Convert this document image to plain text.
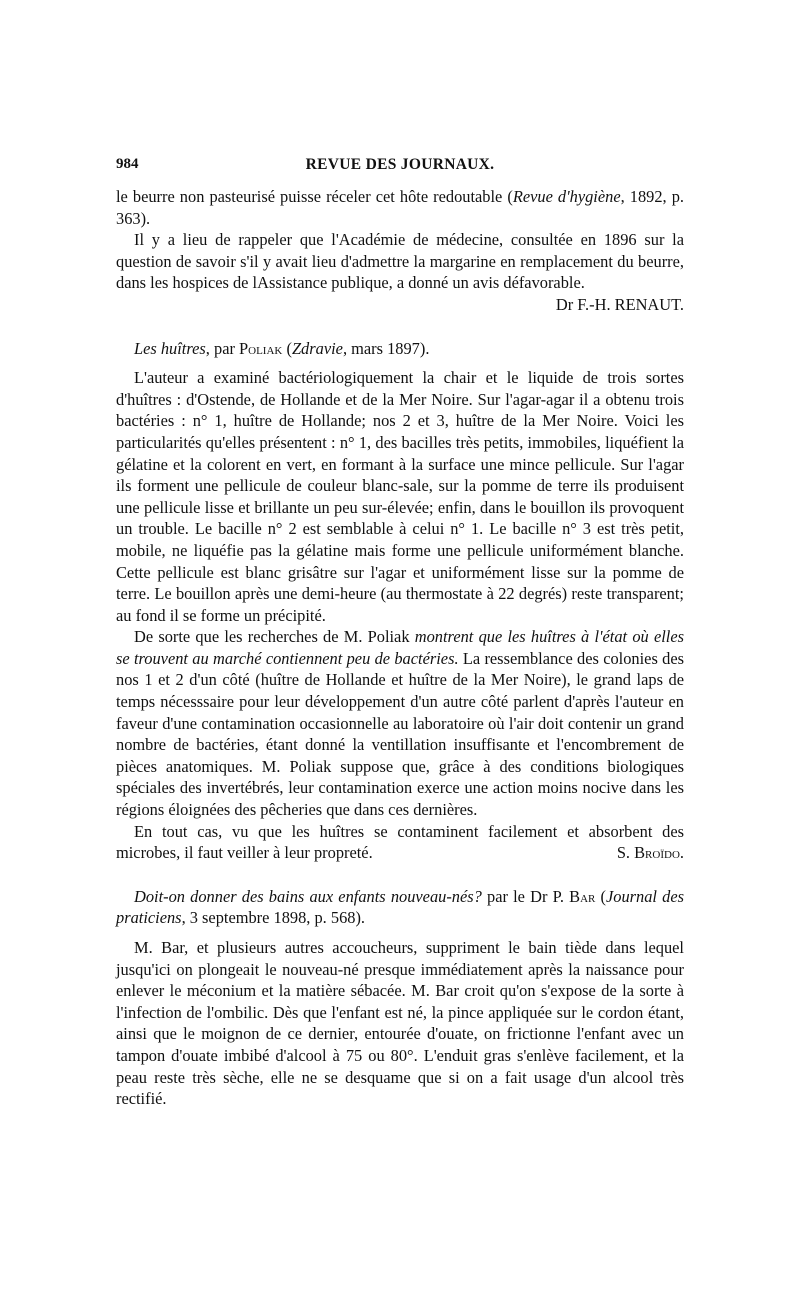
984	REVUE DES JOURNAUX.

le beurre non pasteurisé puisse réceler cet hôte redoutable (Revue d'hygiène, 1892, p. 363).

Il y a lieu de rappeler que l'Académie de médecine, consultée en 1896 sur la question de savoir s'il y avait lieu d'admettre la margarine en remplacement du beurre, dans les hospices de lAssistance publique, a donné un avis défavorable.
Dr F.-H. RENAUT.

Les huîtres, par Poliak (Zdravie, mars 1897).

L'auteur a examiné bactériologiquement la chair et le liquide de trois sortes d'huîtres : d'Ostende, de Hollande et de la Mer Noire. Sur l'agar-agar il a obtenu trois bactéries : n° 1, huître de Hollande; nos 2 et 3, huître de la Mer Noire. Voici les particularités qu'elles présentent : n° 1, des bacilles très petits, immobiles, liquéfient la gélatine et la colorent en vert, en formant à la surface une mince pellicule. Sur l'agar ils forment une pellicule de couleur blanc-sale, sur la pomme de terre ils produisent une pellicule lisse et brillante un peu sur-élevée; enfin, dans le bouillon ils provoquent un trouble. Le bacille n° 2 est semblable à celui n° 1. Le bacille n° 3 est très petit, mobile, ne liquéfie pas la gélatine mais forme une pellicule uniformément blanche. Cette pellicule est blanc grisâtre sur l'agar et uniformément lisse sur la pomme de terre. Le bouillon après une demi-heure (au thermostate à 22 degrés) reste transparent; au fond il se forme un précipité.

De sorte que les recherches de M. Poliak montrent que les huîtres à l'état où elles se trouvent au marché contiennent peu de bactéries. La ressemblance des colonies des nos 1 et 2 d'un côté (huître de Hollande et huître de la Mer Noire), le grand laps de temps nécesssaire pour leur développement d'un autre côté parlent d'après l'auteur en faveur d'une contamination occasionnelle au laboratoire où l'air doit contenir un grand nombre de bactéries, étant donné la ventillation insuffisante et l'encombrement de pièces anatomiques. M. Poliak suppose que, grâce à des conditions biologiques spéciales des invertébrés, leur contamination exerce une action moins nocive dans les régions éloignées des pêcheries que dans ces dernières.

En tout cas, vu que les huîtres se contaminent facilement et absorbent des microbes, il faut veiller à leur propreté.	S. Broïdo.

Doit-on donner des bains aux enfants nouveau-nés? par le Dr P. Bar (Journal des praticiens, 3 septembre 1898, p. 568).

M. Bar, et plusieurs autres accoucheurs, suppriment le bain tiède dans lequel jusqu'ici on plongeait le nouveau-né presque immédiatement après la naissance pour enlever le méconium et la matière sébacée. M. Bar croit qu'on s'expose de la sorte à l'infection de l'ombilic. Dès que l'enfant est né, la pince appliquée sur le cordon étant, ainsi que le moignon de ce dernier, entourée d'ouate, on frictionne l'enfant avec un tampon d'ouate imbibé d'alcool à 75 ou 80°. L'enduit gras s'enlève facilement, et la peau reste très sèche, elle ne se desquame que si on a fait usage d'un alcool très rectifié.
